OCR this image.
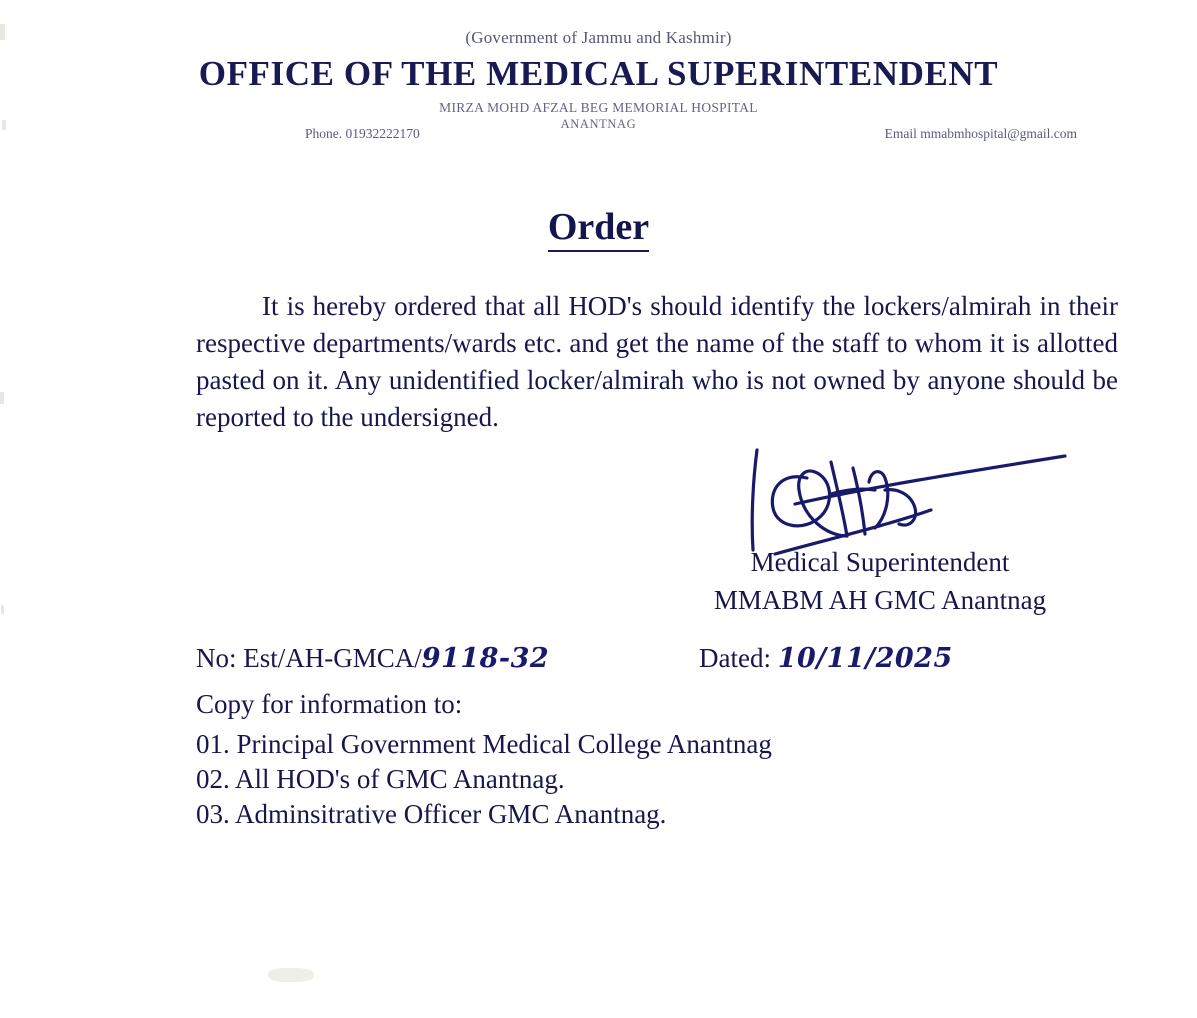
(Government of Jammu and Kashmir)
OFFICE OF THE MEDICAL SUPERINTENDENT
MIRZA MOHD AFZAL BEG MEMORIAL HOSPITAL
ANANTNAG
Phone. 01932222170	Email mmabmhospital@gmail.com
Order
It is hereby ordered that all HOD's should identify the lockers/almirah in their respective departments/wards etc. and get the name of the staff to whom it is allotted pasted on it. Any unidentified locker/almirah who is not owned by anyone should be reported to the undersigned.
Medical Superintendent
MMABM AH GMC Anantnag
No: Est/AH-GMCA/9118-32	Dated: 10/11/2025
Copy for information to:
01. Principal Government Medical College Anantnag
02. All HOD's of GMC Anantnag.
03. Adminsitrative Officer GMC Anantnag.
